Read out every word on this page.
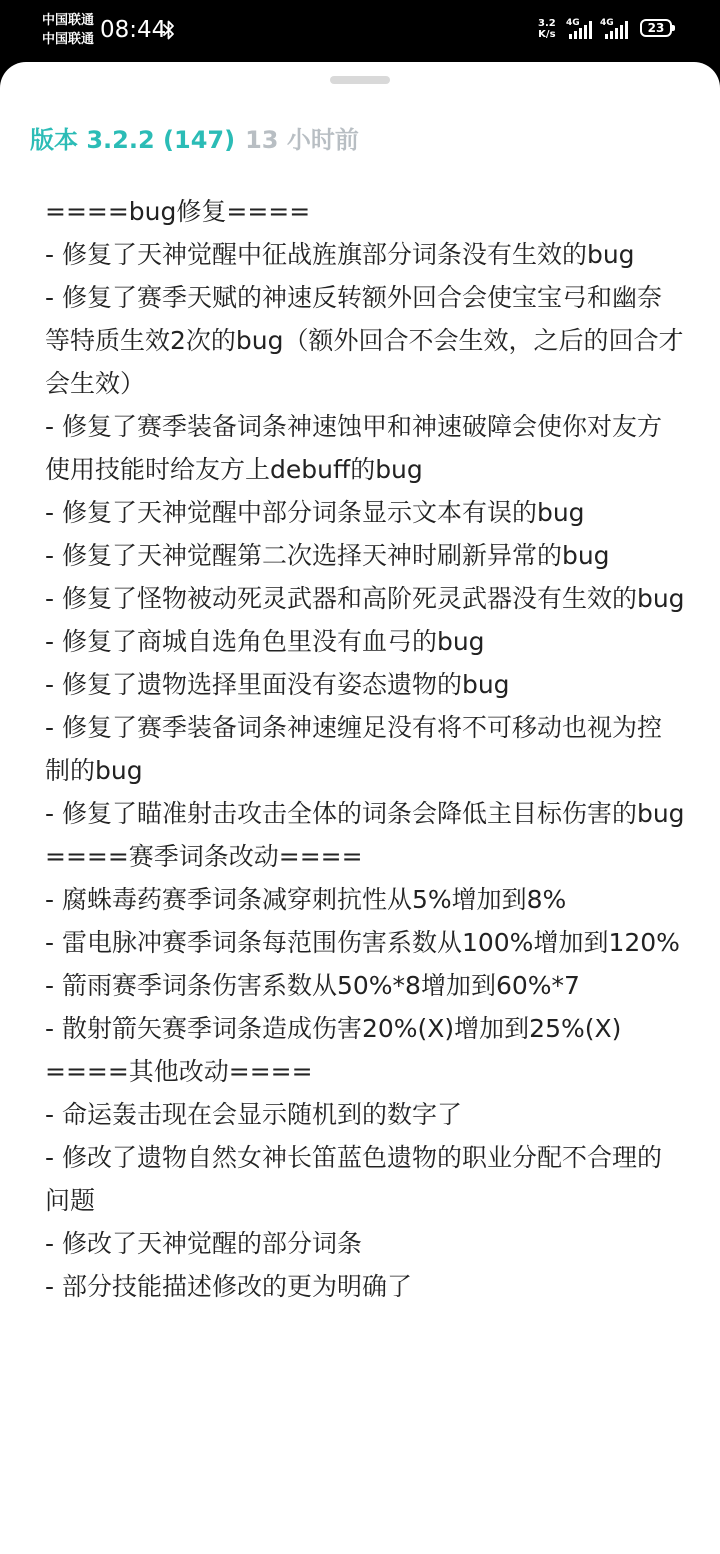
中国联通
中国联通 08:44	3.2
K/s
4G 4G	23
版本 3.2.2 (147) 13 小时前
====bug修复====
- 修复了天神觉醒中征战旌旗部分词条没有生效的bug
- 修复了赛季天赋的神速反转额外回合会使宝宝弓和幽奈等特质生效2次的bug（额外回合不会生效，之后的回合才会生效）
- 修复了赛季装备词条神速蚀甲和神速破障会使你对友方使用技能时给友方上debuff的bug
- 修复了天神觉醒中部分词条显示文本有误的bug
- 修复了天神觉醒第二次选择天神时刷新异常的bug
- 修复了怪物被动死灵武器和高阶死灵武器没有生效的bug
- 修复了商城自选角色里没有血弓的bug
- 修复了遗物选择里面没有姿态遗物的bug
- 修复了赛季装备词条神速缠足没有将不可移动也视为控制的bug
- 修复了瞄准射击攻击全体的词条会降低主目标伤害的bug
====赛季词条改动====
- 腐蛛毒药赛季词条减穿刺抗性从5%增加到8%
- 雷电脉冲赛季词条每范围伤害系数从100%增加到120%
- 箭雨赛季词条伤害系数从50%*8增加到60%*7
- 散射箭矢赛季词条造成伤害20%(X)增加到25%(X)
====其他改动====
- 命运轰击现在会显示随机到的数字了
- 修改了遗物自然女神长笛蓝色遗物的职业分配不合理的问题
- 修改了天神觉醒的部分词条
- 部分技能描述修改的更为明确了
